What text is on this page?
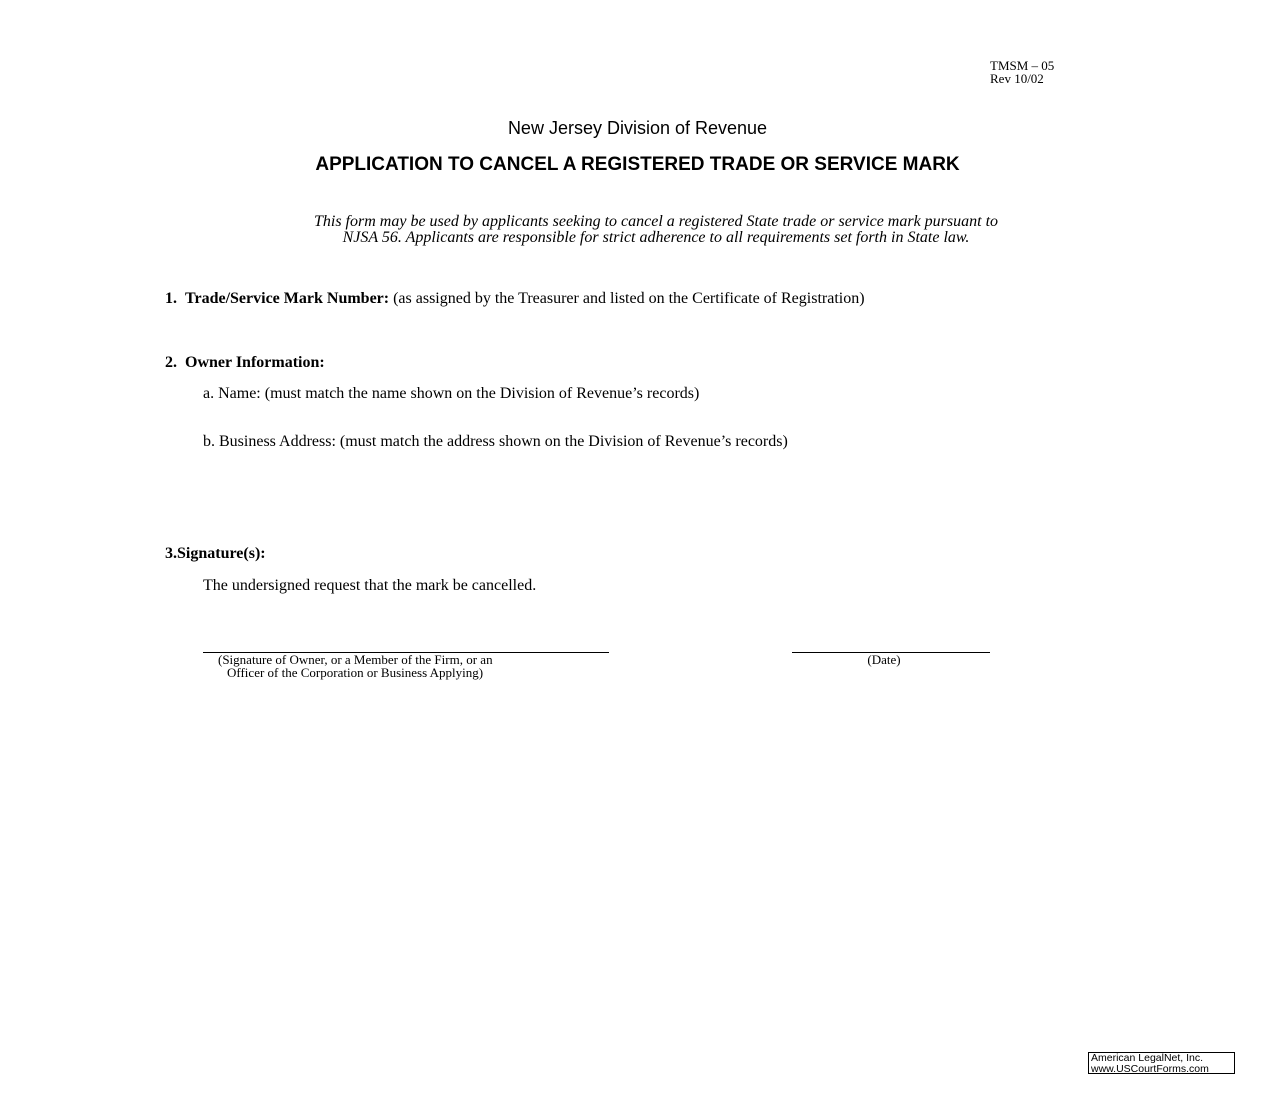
TMSM – 05
Rev 10/02
New Jersey Division of Revenue
APPLICATION TO CANCEL A REGISTERED TRADE OR SERVICE MARK
This form may be used by applicants seeking to cancel a registered State trade or service mark pursuant to
NJSA 56. Applicants are responsible for strict adherence to all requirements set forth in State law.
1. Trade/Service Mark Number: (as assigned by the Treasurer and listed on the Certificate of Registration)
2. Owner Information:
a. Name: (must match the name shown on the Division of Revenue’s records)
b. Business Address: (must match the address shown on the Division of Revenue’s records)
3.Signature(s):
The undersigned request that the mark be cancelled.
(Signature of Owner, or a Member of the Firm, or an
Officer of the Corporation or Business Applying)
(Date)
American LegalNet, Inc.
www.USCourtForms.com
